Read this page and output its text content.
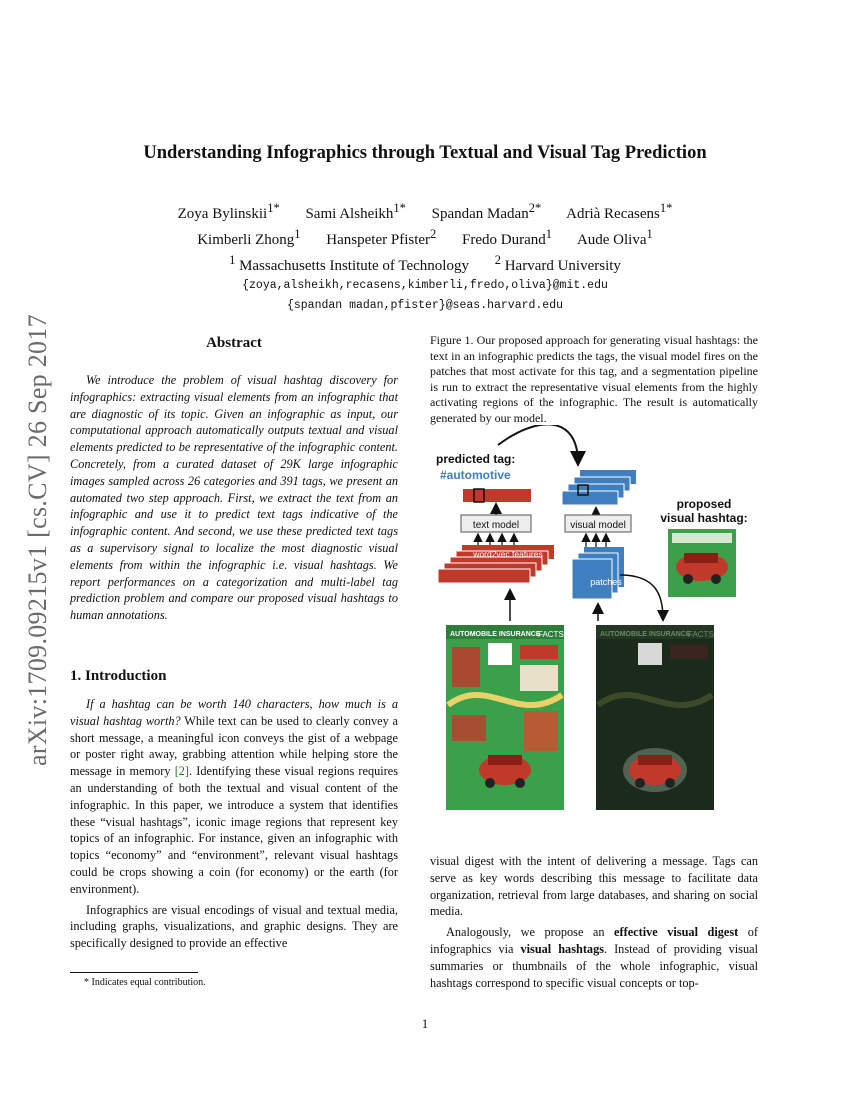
arXiv:1709.09215v1 [cs.CV] 26 Sep 2017
Understanding Infographics through Textual and Visual Tag Prediction
Zoya Bylinskii$^{1*}$ Sami Alsheikh$^{1*}$ Spandan Madan$^{2*}$ Adrià Recasens$^{1*}$
Kimberli Zhong$^1$ Hanspeter Pfister$^2$ Fredo Durand$^1$ Aude Oliva$^1$
$^1$ Massachusetts Institute of Technology $^2$ Harvard University
{zoya,alsheikh,recasens,kimberli,fredo,oliva}@mit.edu
{spandan madan,pfister}@seas.harvard.edu
Abstract
We introduce the problem of visual hashtag discovery for infographics: extracting visual elements from an infographic that are diagnostic of its topic. Given an infographic as input, our computational approach automatically outputs textual and visual elements predicted to be representative of the infographic content. Concretely, from a curated dataset of 29K large infographic images sampled across 26 categories and 391 tags, we present an automated two step approach. First, we extract the text from an infographic and use it to predict text tags indicative of the infographic content. And second, we use these predicted text tags as a supervisory signal to localize the most diagnostic visual elements from within the infographic i.e. visual hashtags. We report performances on a categorization and multi-label tag prediction problem and compare our proposed visual hashtags to human annotations.
1. Introduction

If a hashtag can be worth 140 characters, how much is a visual hashtag worth? While text can be used to clearly convey a short message, a meaningful icon conveys the gist of a webpage or poster right away, grabbing attention while helping store the message in memory [2]. Identifying these visual regions requires an understanding of both the textual and visual content of the infographic. In this paper, we introduce a system that identifies these “visual hashtags”, iconic image regions that represent key topics of an infographic. For instance, given an infographic with topics “economy” and “environment”, relevant visual hashtags could be crops showing a coin (for economy) or the earth (for environment).

Infographics are visual encodings of visual and textual media, including graphs, visualizations, and graphic designs. They are specifically designed to provide an effective

* Indicates equal contribution.
Figure 1. Our proposed approach for generating visual hashtags: the text in an infographic predicts the tags, the visual model fires on the patches that most activate for this tag, and a segmentation pipeline is run to extract the representative visual elements from the highly activating regions of the infographic. The result is automatically generated by our model.
predicted tag:
#automotive
text model	visual model
word2vec features
patches
proposed
visual hashtag:
AUTOMOBILE INSURANCE
FACTS	AUTOMOBILE INSURANCE
FACTS

visual digest with the intent of delivering a message. Tags can serve as key words describing this message to facilitate data organization, retrieval from large databases, and sharing on social media.

Analogously, we propose an effective visual digest of infographics via visual hashtags. Instead of providing visual summaries or thumbnails of the whole infographic, visual hashtags correspond to specific visual concepts or top-

1
